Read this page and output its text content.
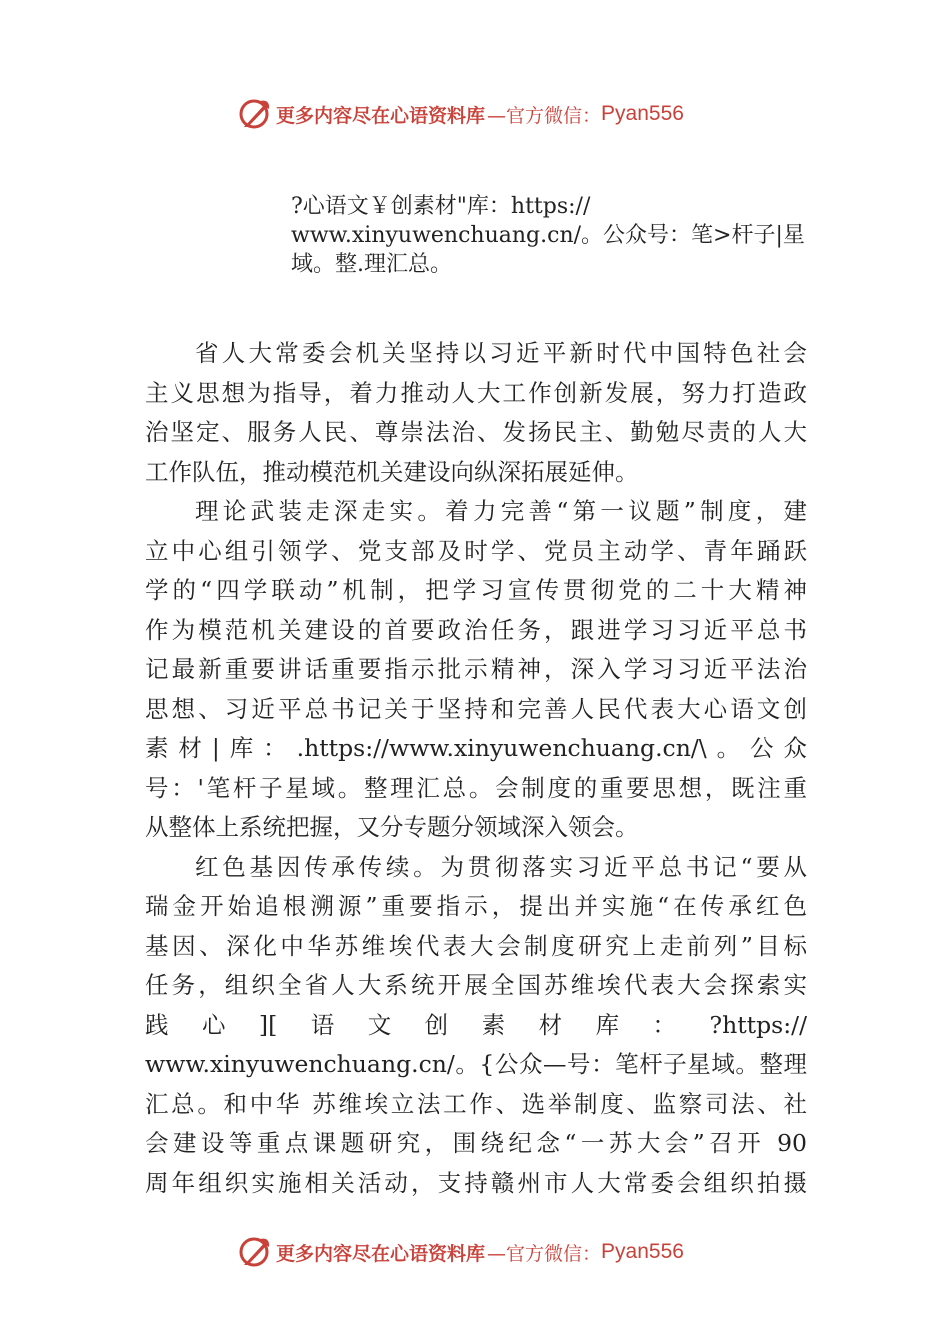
更多内容尽在心语资料库 —官方微信： Pyan556
?心语文￥创素材"库：https://
www.xinyuwenchuang.cn/。公众号：笔>杆子|星
域。整.理汇总。
省人大常委会机关坚持以习近平新时代中国特色社会
主义思想为指导，着力推动人大工作创新发展，努力打造政
治坚定、服务人民、尊崇法治、发扬民主、勤勉尽责的人大
工作队伍，推动模范机关建设向纵深拓展延伸。
理论武装走深走实。着力完善“第一议题”制度，建
立中心组引领学、党支部及时学、党员主动学、青年踊跃
学的“四学联动”机制，把学习宣传贯彻党的二十大精神
作为模范机关建设的首要政治任务，跟进学习习近平总书
记最新重要讲话重要指示批示精神，深入学习习近平法治
思想、习近平总书记关于坚持和完善人民代表大心语文创
素材|库：.https://www.xinyuwenchuang.cn/\。公众
号：'笔杆子星域。整理汇总。会制度的重要思想，既注重
从整体上系统把握，又分专题分领域深入领会。
红色基因传承传续。为贯彻落实习近平总书记“要从
瑞金开始追根溯源”重要指示，提出并实施“在传承红色
基因、深化中华苏维埃代表大会制度研究上走前列”目标
任务，组织全省人大系统开展全国苏维埃代表大会探索实
践心][语文创素材库：?https://
www.xinyuwenchuang.cn/。{公众—号：笔杆子星域。整理
汇总。和中华 苏维埃立法工作、选举制度、监察司法、社
会建设等重点课题研究，围绕纪念“一苏大会”召开 90
周年组织实施相关活动，支持赣州市人大常委会组织拍摄
更多内容尽在心语资料库 —官方微信： Pyan556
